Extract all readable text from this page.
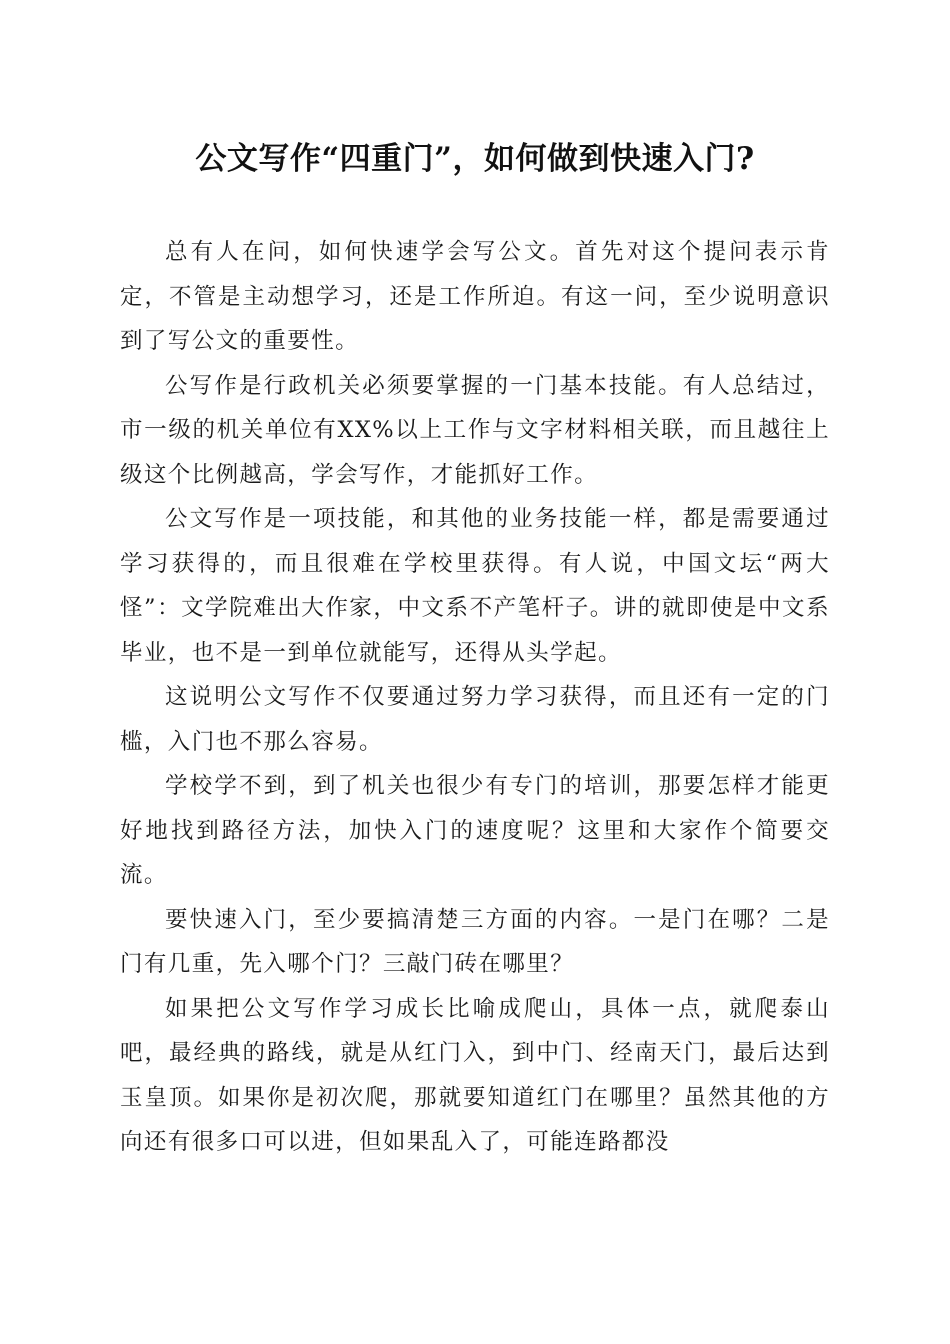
公文写作“四重门”，如何做到快速入门?

总有人在问，如何快速学会写公文。首先对这个提问表示肯定，不管是主动想学习，还是工作所迫。有这一问，至少说明意识到了写公文的重要性。

公写作是行政机关必须要掌握的一门基本技能。有人总结过，市一级的机关单位有XX%以上工作与文字材料相关联，而且越往上级这个比例越高，学会写作，才能抓好工作。

公文写作是一项技能，和其他的业务技能一样，都是需要通过学习获得的，而且很难在学校里获得。有人说，中国文坛“两大怪”：文学院难出大作家，中文系不产笔杆子。讲的就即使是中文系毕业，也不是一到单位就能写，还得从头学起。

这说明公文写作不仅要通过努力学习获得，而且还有一定的门槛，入门也不那么容易。

学校学不到，到了机关也很少有专门的培训，那要怎样才能更好地找到路径方法，加快入门的速度呢？这里和大家作个简要交流。

要快速入门，至少要搞清楚三方面的内容。一是门在哪？二是门有几重，先入哪个门？三敲门砖在哪里？

如果把公文写作学习成长比喻成爬山，具体一点，就爬泰山吧，最经典的路线，就是从红门入，到中门、经南天门，最后达到玉皇顶。如果你是初次爬，那就要知道红门在哪里？虽然其他的方向还有很多口可以进，但如果乱入了，可能连路都没
